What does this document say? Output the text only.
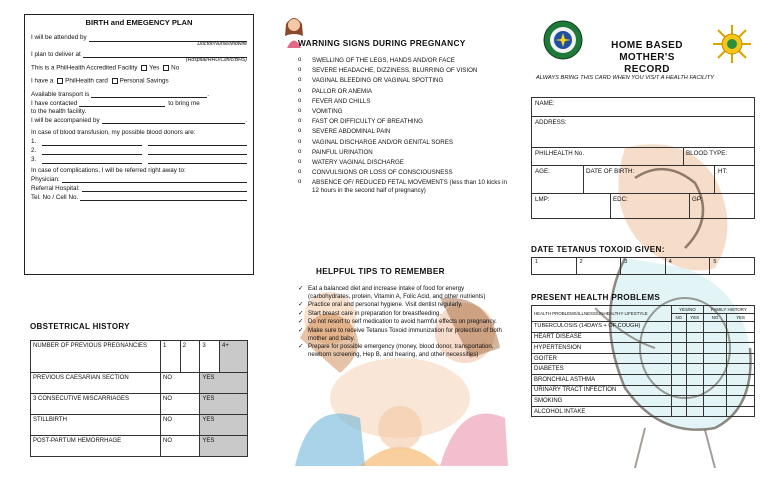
BIRTH and EMEGENCY PLAN
I will be attended by
Doctor/Nurse/Midwife
I plan to deliver at
(Hospital/RHU/Clinic/BHS)
This is a PhilHealth Accredited Facility Yes No
I have a PhilHealth card Personal Savings
Available transport is	.
I have contacted	to bring me
to the health facility.
I will be accompanied by	.
In case of blood transfusion, my possible blood donors are:
1.
2.
3.
In case of complications, I will be referred right away to:
Physician:
Referral Hospital:
Tel. No / Cell No.
OBSTETRICAL HISTORY
NUMBER OF PREVIOUS PREGNANCIES	1	2	3	4+
PREVIOUS CAESARIAN SECTION	NO		YES	
3 CONSECUTIVE MISCARRIAGES	NO		YES	
STILLBIRTH	NO		YES	
POST-PARTUM HEMORRHAGE	NO		YES	
WARNING SIGNS DURING PREGNANCY
o SWELLING OF THE LEGS, HANDS AND/OR FACE
o SEVERE HEADACHE, DIZZINESS, BLURRING OF VISION
o VAGINAL BLEEDING OR VAGINAL SPOTTING
o PALLOR OR ANEMIA
o FEVER AND CHILLS
o VOMITING
o FAST OR DIFFICULTY OF BREATHING
o SEVERE ABDOMINAL PAIN
o VAGINAL DISCHARGE AND/OR GENITAL SORES
o PAINFUL URINATION
o WATERY VAGINAL DISCHARGE
o CONVULSIONS OR LOSS OF CONSCIOUSNESS
o ABSENCE OF/ REDUCED FETAL MOVEMENTS (less than 10 kicks in 12 hours in the second half of pregnancy)
HELPFUL TIPS TO REMEMBER
✓ Eat a balanced diet and increase intake of food for energy (carbohydrates, protein, Vitamin A, Folic Acid, and other nutrients)
✓ Practice oral and personal hygiene. Visit dentist regularly.
✓ Start breast care in preparation for breastfeeding.
✓ Do not resort to self medication to avoid harmful effects on pregnancy.
✓ Make sure to receive Tetanus Toxoid immunization for protection of both mother and baby.
✓ Prepare for possible emergency (money, blood donor, transportation, newborn screening, Hep B, and hearing, and other necessities)
HOME BASED
MOTHER'S RECORD
ALWAYS BRING THIS CARD WHEN YOU VISIT A HEALTH FACILITY
NAME:
ADDRESS:
PHILHEALTH No.	BLOOD TYPE:
AGE:	DATE OF BIRTH:	HT:
LMP:	EDC:	GP:
DATE TETANUS TOXOID GIVEN:
1	2	3	4	5
PRESENT HEALTH PROBLEMS
HEALTH PROBLEMS/ILLNESS/UNHEALTHY LIFESTYLE	YES/NO		FAMILY HISTORY	
	NO	YES	NO	YES
TUBERCULOSIS (14DAYS + OF COUGH)				
HEART DISEASE				
HYPERTENSION				
GOITER				
DIABETES				
BRONCHIAL ASTHMA				
URINARY TRACT INFECTION				
SMOKING				
ALCOHOL INTAKE				
